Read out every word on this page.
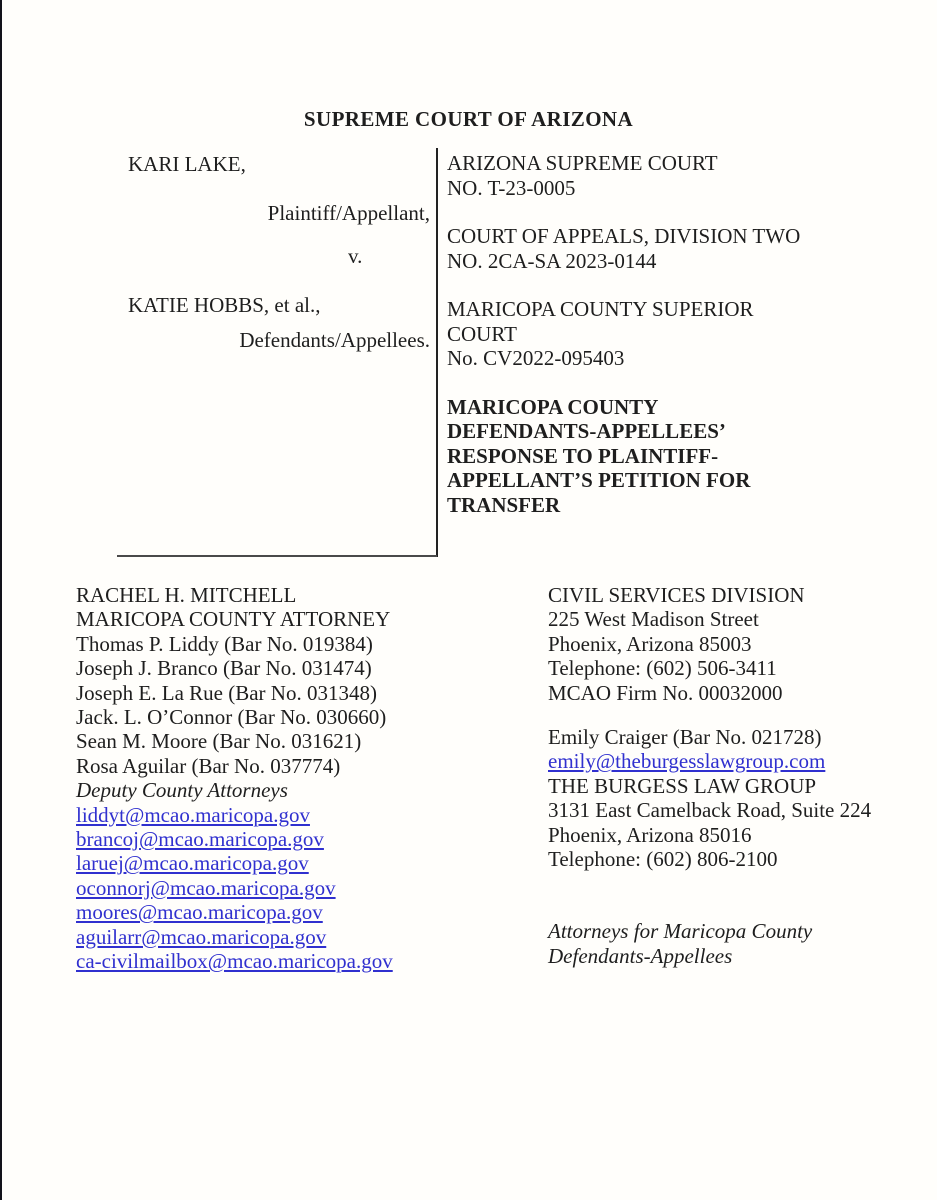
SUPREME COURT OF ARIZONA
KARI LAKE,
Plaintiff/Appellant,
v.
KATIE HOBBS, et al.,
Defendants/Appellees.
ARIZONA SUPREME COURT
NO. T-23-0005
COURT OF APPEALS, DIVISION TWO
NO. 2CA-SA 2023-0144
MARICOPA COUNTY SUPERIOR
COURT
No. CV2022-095403
MARICOPA COUNTY
DEFENDANTS-APPELLEES’
RESPONSE TO PLAINTIFF-
APPELLANT’S PETITION FOR
TRANSFER
RACHEL H. MITCHELL
MARICOPA COUNTY ATTORNEY
Thomas P. Liddy (Bar No. 019384)
Joseph J. Branco (Bar No. 031474)
Joseph E. La Rue (Bar No. 031348)
Jack. L. O’Connor (Bar No. 030660)
Sean M. Moore (Bar No. 031621)
Rosa Aguilar (Bar No. 037774)
Deputy County Attorneys
liddyt@mcao.maricopa.gov
brancoj@mcao.maricopa.gov
laruej@mcao.maricopa.gov
oconnorj@mcao.maricopa.gov
moores@mcao.maricopa.gov
aguilarr@mcao.maricopa.gov
ca-civilmailbox@mcao.maricopa.gov
CIVIL SERVICES DIVISION
225 West Madison Street
Phoenix, Arizona 85003
Telephone: (602) 506-3411
MCAO Firm No. 00032000
Emily Craiger (Bar No. 021728)
emily@theburgesslawgroup.com
THE BURGESS LAW GROUP
3131 East Camelback Road, Suite 224
Phoenix, Arizona 85016
Telephone: (602) 806-2100
Attorneys for Maricopa County
Defendants-Appellees
